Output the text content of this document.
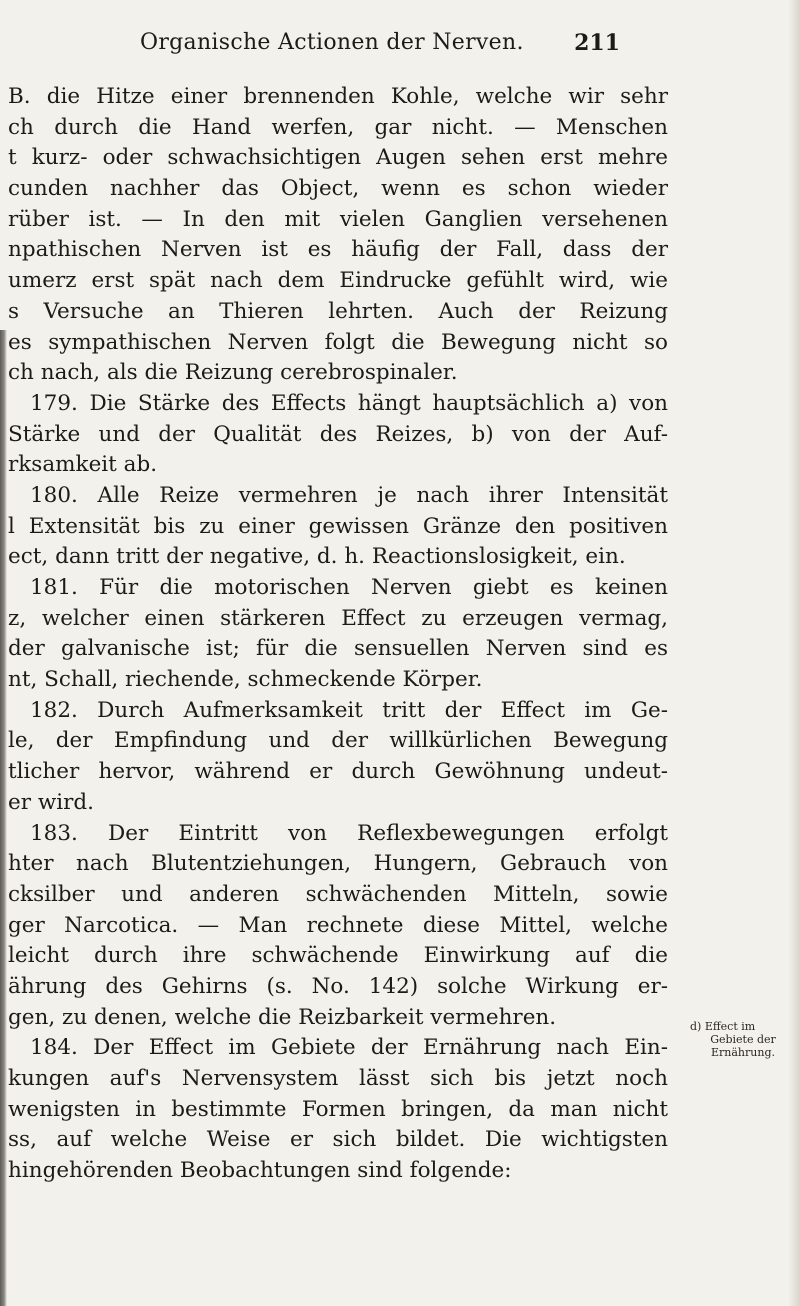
Organische Actionen der Nerven. 211
B. die Hitze einer brennenden Kohle, welche wir sehr
ch durch die Hand werfen, gar nicht. — Menschen
t kurz- oder schwachsichtigen Augen sehen erst mehre
cunden nachher das Object, wenn es schon wieder
rüber ist. — In den mit vielen Ganglien versehenen
npathischen Nerven ist es häufig der Fall, dass der
umerz erst spät nach dem Eindrucke gefühlt wird, wie
s Versuche an Thieren lehrten. Auch der Reizung
es sympathischen Nerven folgt die Bewegung nicht so
ch nach, als die Reizung cerebrospinaler.
179. Die Stärke des Effects hängt hauptsächlich a) von
Stärke und der Qualität des Reizes, b) von der Auf-
rksamkeit ab.
180. Alle Reize vermehren je nach ihrer Intensität
l Extensität bis zu einer gewissen Gränze den positiven
ect, dann tritt der negative, d. h. Reactionslosigkeit, ein.
181. Für die motorischen Nerven giebt es keinen
z, welcher einen stärkeren Effect zu erzeugen vermag,
der galvanische ist; für die sensuellen Nerven sind es
nt, Schall, riechende, schmeckende Körper.
182. Durch Aufmerksamkeit tritt der Effect im Ge-
le, der Empfindung und der willkürlichen Bewegung
tlicher hervor, während er durch Gewöhnung undeut-
er wird.
183. Der Eintritt von Reflexbewegungen erfolgt
hter nach Blutentziehungen, Hungern, Gebrauch von
cksilber und anderen schwächenden Mitteln, sowie
ger Narcotica. — Man rechnete diese Mittel, welche
leicht durch ihre schwächende Einwirkung auf die
ährung des Gehirns (s. No. 142) solche Wirkung er-
gen, zu denen, welche die Reizbarkeit vermehren.
184. Der Effect im Gebiete der Ernährung nach Ein-
kungen auf's Nervensystem lässt sich bis jetzt noch
wenigsten in bestimmte Formen bringen, da man nicht
ss, auf welche Weise er sich bildet. Die wichtigsten
hingehörenden Beobachtungen sind folgende:
d) Effect im
Gebiete der
Ernährung.
